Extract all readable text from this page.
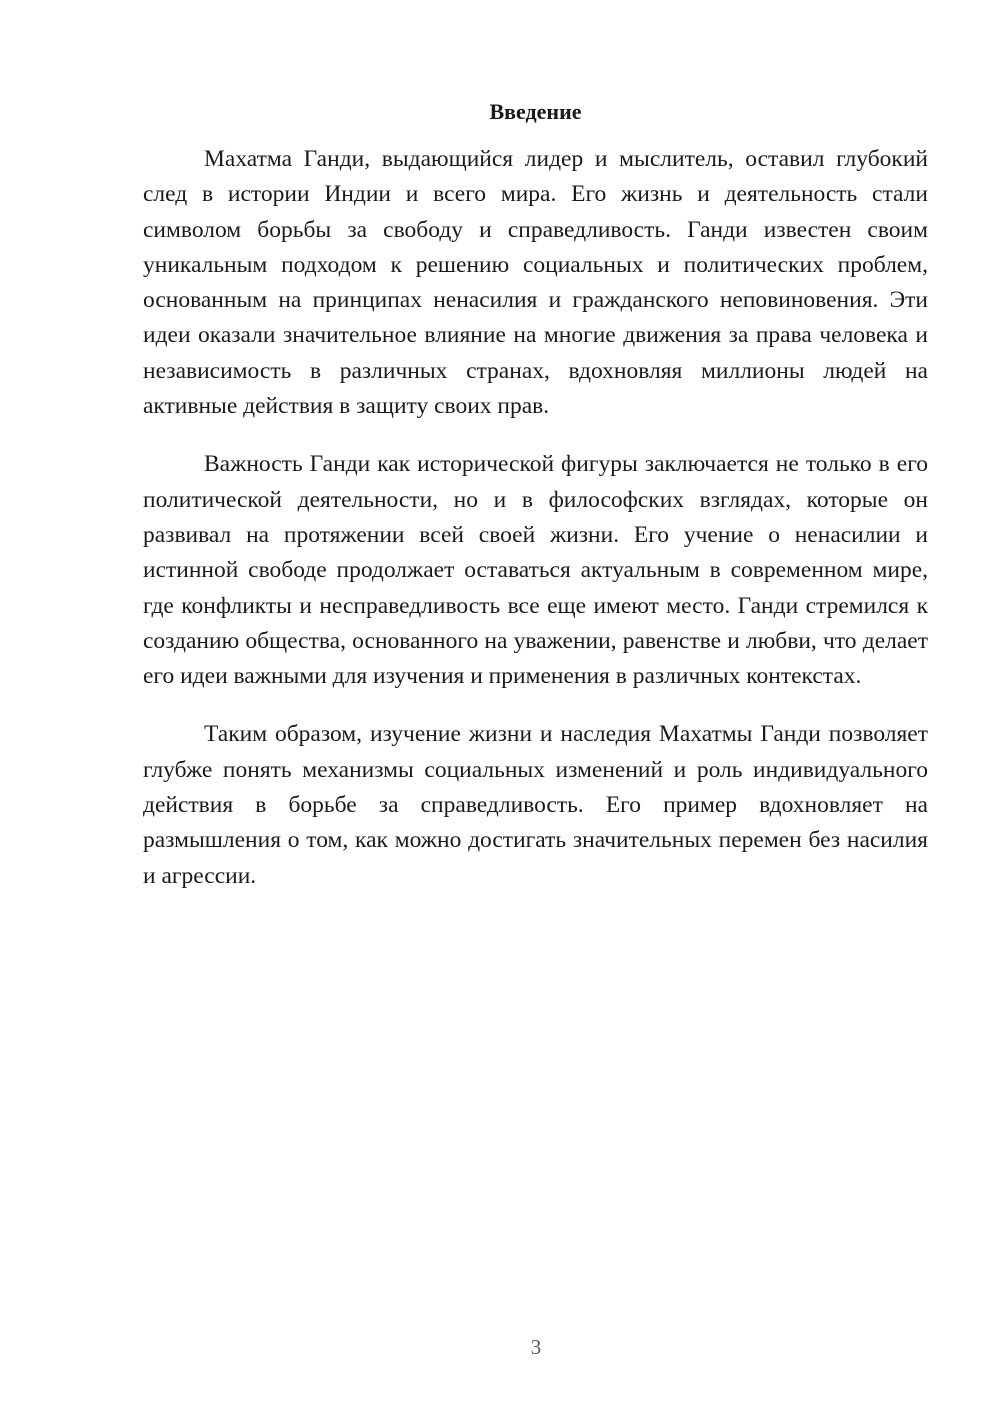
Введение

Махатма Ганди, выдающийся лидер и мыслитель, оставил глубокий след в истории Индии и всего мира. Его жизнь и деятельность стали символом борьбы за свободу и справедливость. Ганди известен своим уникальным подходом к решению социальных и политических проблем, основанным на принципах ненасилия и гражданского неповиновения. Эти идеи оказали значительное влияние на многие движения за права человека и независимость в различных странах, вдохновляя миллионы людей на активные действия в защиту своих прав.

Важность Ганди как исторической фигуры заключается не только в его политической деятельности, но и в философских взглядах, которые он развивал на протяжении всей своей жизни. Его учение о ненасилии и истинной свободе продолжает оставаться актуальным в современном мире, где конфликты и несправедливость все еще имеют место. Ганди стремился к созданию общества, основанного на уважении, равенстве и любви, что делает его идеи важными для изучения и применения в различных контекстах.

Таким образом, изучение жизни и наследия Махатмы Ганди позволяет глубже понять механизмы социальных изменений и роль индивидуального действия в борьбе за справедливость. Его пример вдохновляет на размышления о том, как можно достигать значительных перемен без насилия и агрессии.

3
